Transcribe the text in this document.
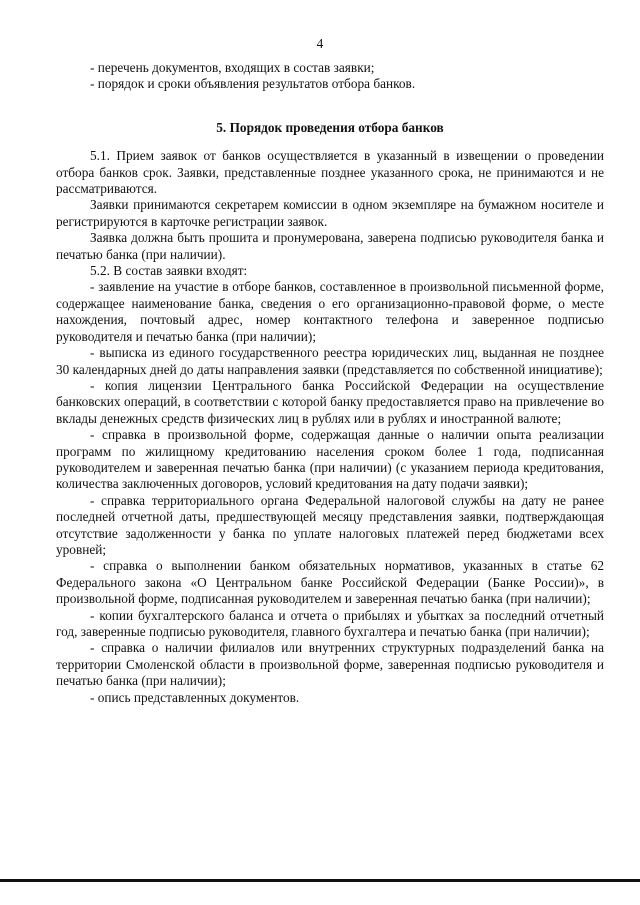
4

- перечень документов, входящих в состав заявки;

- порядок и сроки объявления результатов отбора банков.

5. Порядок проведения отбора банков

5.1. Прием заявок от банков осуществляется в указанный в извещении о проведении отбора банков срок. Заявки, представленные позднее указанного срока, не принимаются и не рассматриваются.

Заявки принимаются секретарем комиссии в одном экземпляре на бумажном носителе и регистрируются в карточке регистрации заявок.

Заявка должна быть прошита и пронумерована, заверена подписью руководителя банка и печатью банка (при наличии).

5.2. В состав заявки входят:

- заявление на участие в отборе банков, составленное в произвольной письменной форме, содержащее наименование банка, сведения о его организационно-правовой форме, о месте нахождения, почтовый адрес, номер контактного телефона и заверенное подписью руководителя и печатью банка (при наличии);

- выписка из единого государственного реестра юридических лиц, выданная не позднее 30 календарных дней до даты направления заявки (представляется по собственной инициативе);

- копия лицензии Центрального банка Российской Федерации на осуществление банковских операций, в соответствии с которой банку предоставляется право на привлечение во вклады денежных средств физических лиц в рублях или в рублях и иностранной валюте;

- справка в произвольной форме, содержащая данные о наличии опыта реализации программ по жилищному кредитованию населения сроком более 1 года, подписанная руководителем и заверенная печатью банка (при наличии) (с указанием периода кредитования, количества заключенных договоров, условий кредитования на дату подачи заявки);

- справка территориального органа Федеральной налоговой службы на дату не ранее последней отчетной даты, предшествующей месяцу представления заявки, подтверждающая отсутствие задолженности у банка по уплате налоговых платежей перед бюджетами всех уровней;

- справка о выполнении банком обязательных нормативов, указанных в статье 62 Федерального закона «О Центральном банке Российской Федерации (Банке России)», в произвольной форме, подписанная руководителем и заверенная печатью банка (при наличии);

- копии бухгалтерского баланса и отчета о прибылях и убытках за последний отчетный год, заверенные подписью руководителя, главного бухгалтера и печатью банка (при наличии);

- справка о наличии филиалов или внутренних структурных подразделений банка на территории Смоленской области в произвольной форме, заверенная подписью руководителя и печатью банка (при наличии);

- опись представленных документов.
